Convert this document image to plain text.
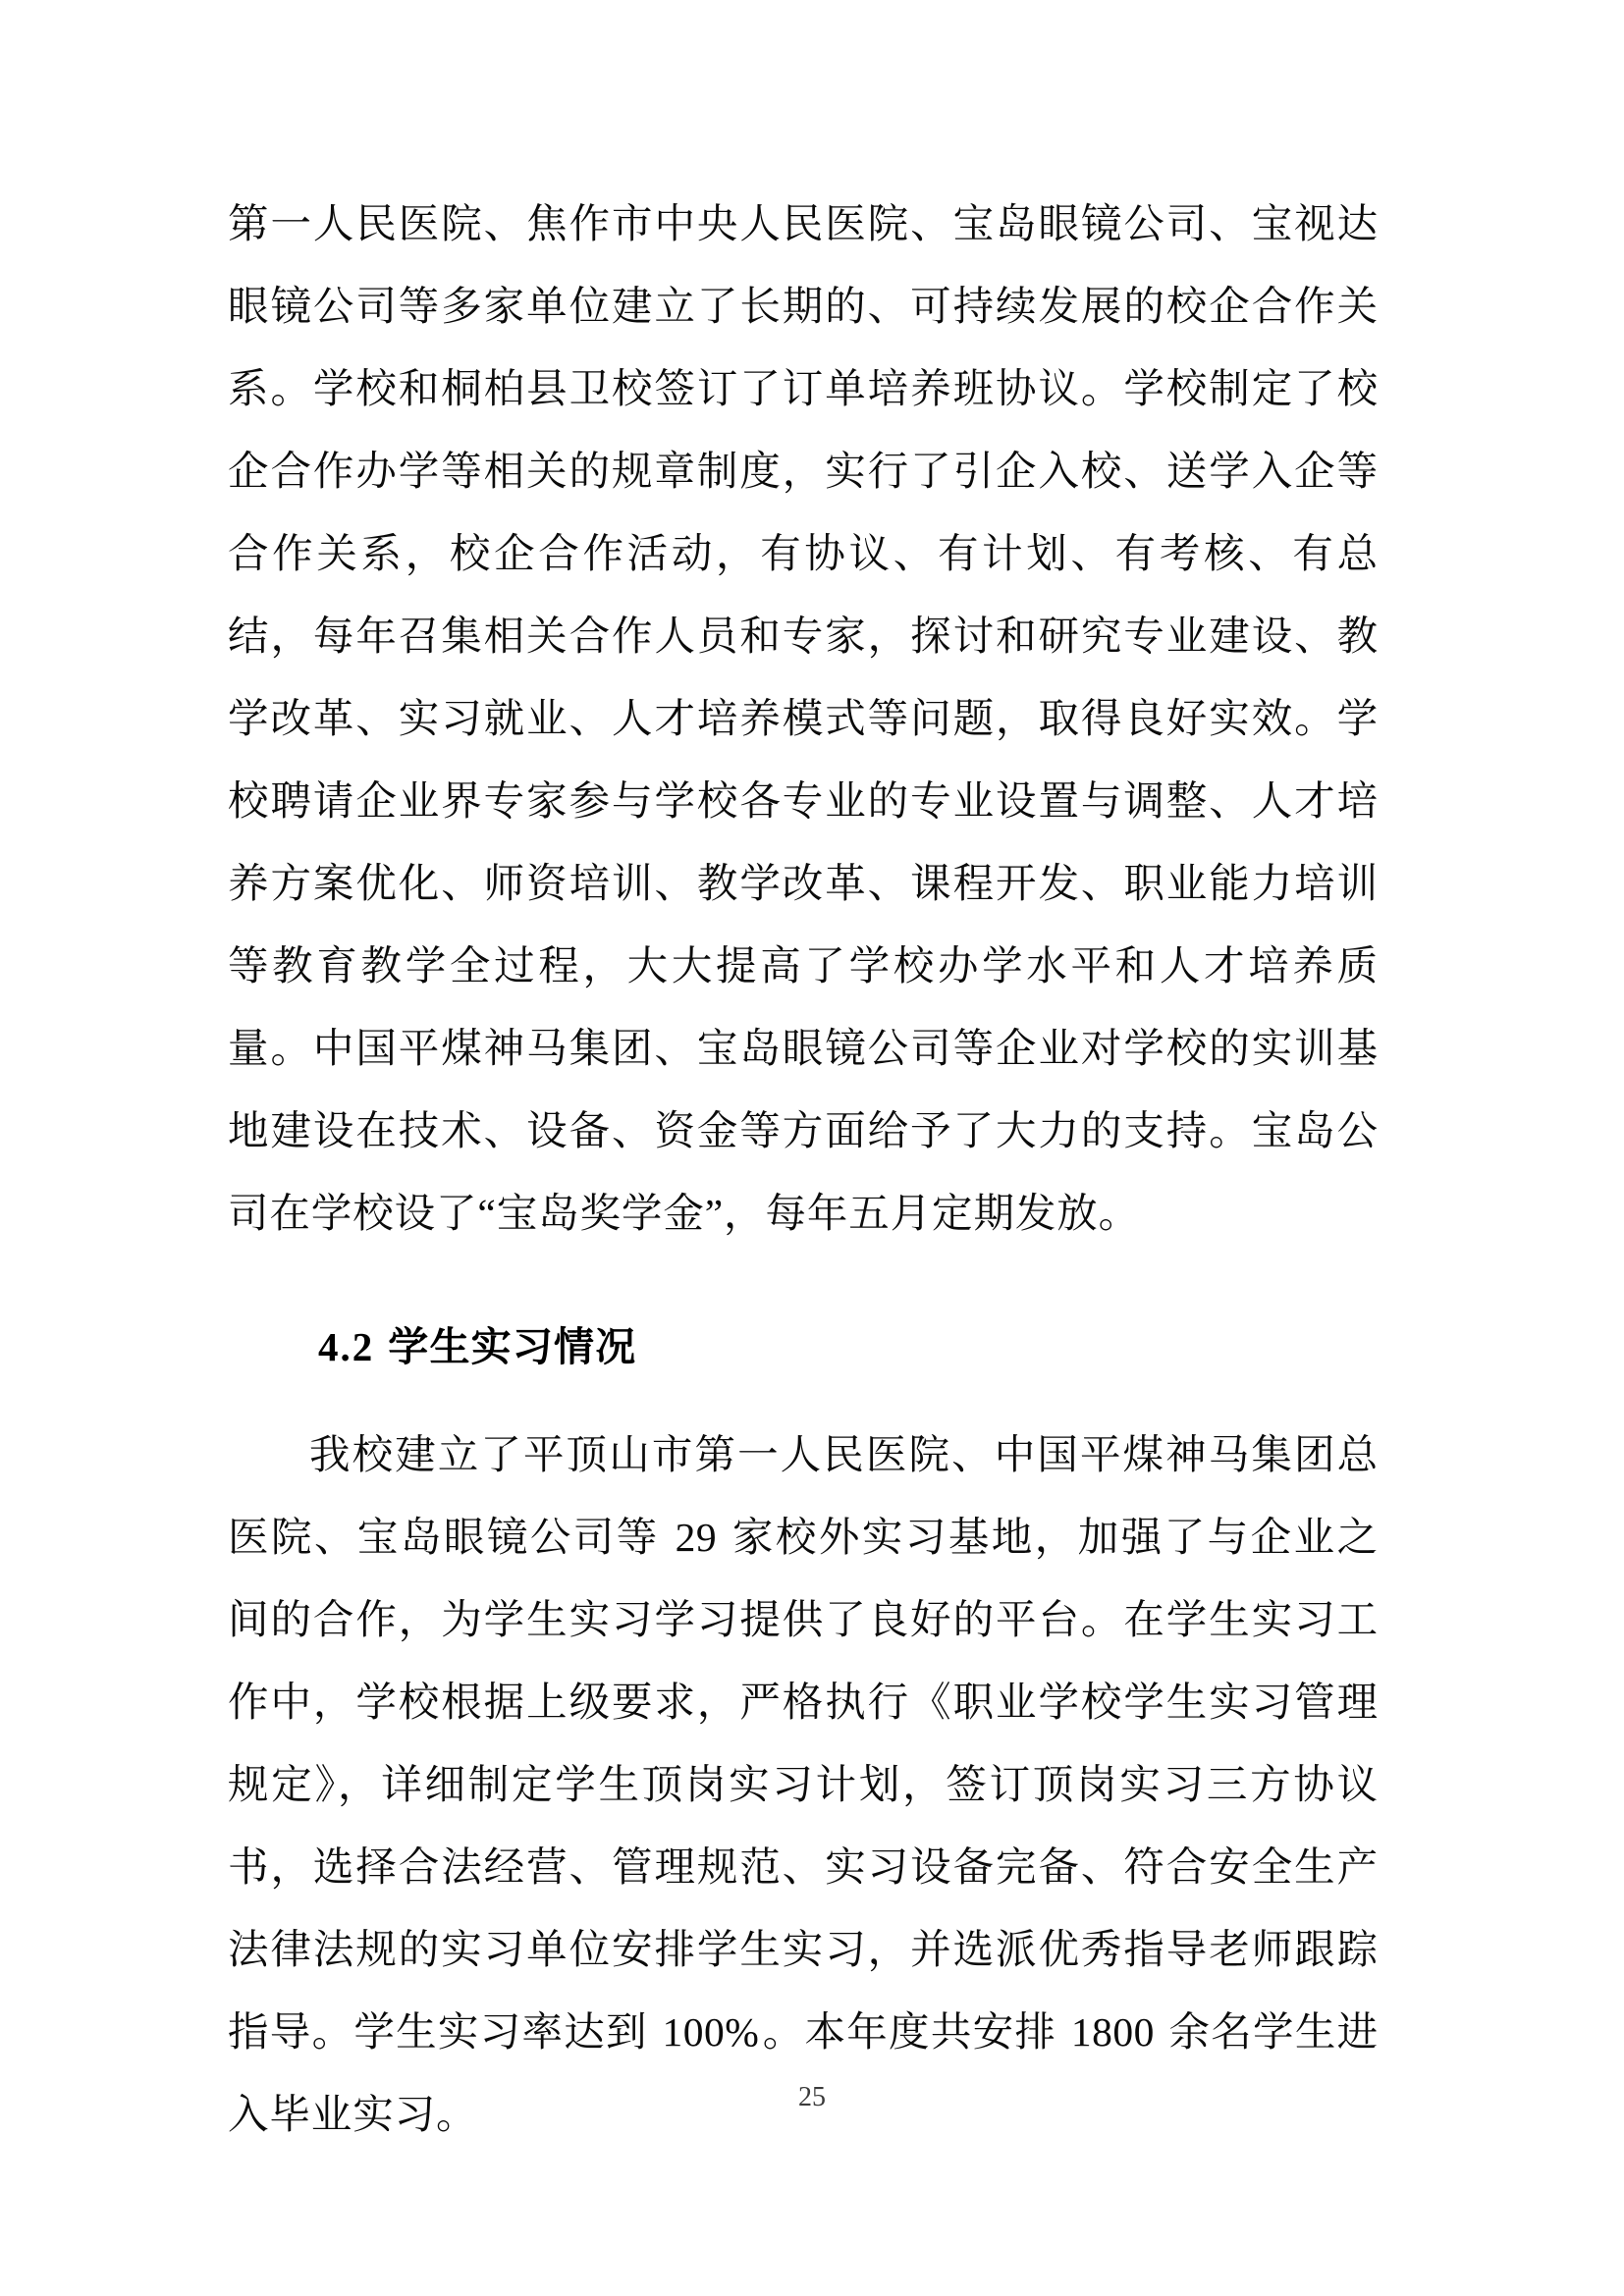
第一人民医院、焦作市中央人民医院、宝岛眼镜公司、宝视达眼镜公司等多家单位建立了长期的、可持续发展的校企合作关系。学校和桐柏县卫校签订了订单培养班协议。学校制定了校企合作办学等相关的规章制度，实行了引企入校、送学入企等合作关系，校企合作活动，有协议、有计划、有考核、有总结，每年召集相关合作人员和专家，探讨和研究专业建设、教学改革、实习就业、人才培养模式等问题，取得良好实效。学校聘请企业界专家参与学校各专业的专业设置与调整、人才培养方案优化、师资培训、教学改革、课程开发、职业能力培训等教育教学全过程，大大提高了学校办学水平和人才培养质量。中国平煤神马集团、宝岛眼镜公司等企业对学校的实训基地建设在技术、设备、资金等方面给予了大力的支持。宝岛公司在学校设了“宝岛奖学金”，每年五月定期发放。

4.2 学生实习情况

我校建立了平顶山市第一人民医院、中国平煤神马集团总医院、宝岛眼镜公司等 29 家校外实习基地，加强了与企业之间的合作，为学生实习学习提供了良好的平台。在学生实习工作中，学校根据上级要求，严格执行《职业学校学生实习管理规定》，详细制定学生顶岗实习计划，签订顶岗实习三方协议书，选择合法经营、管理规范、实习设备完备、符合安全生产法律法规的实习单位安排学生实习，并选派优秀指导老师跟踪指导。学生实习率达到 100%。本年度共安排 1800 余名学生进入毕业实习。	25
